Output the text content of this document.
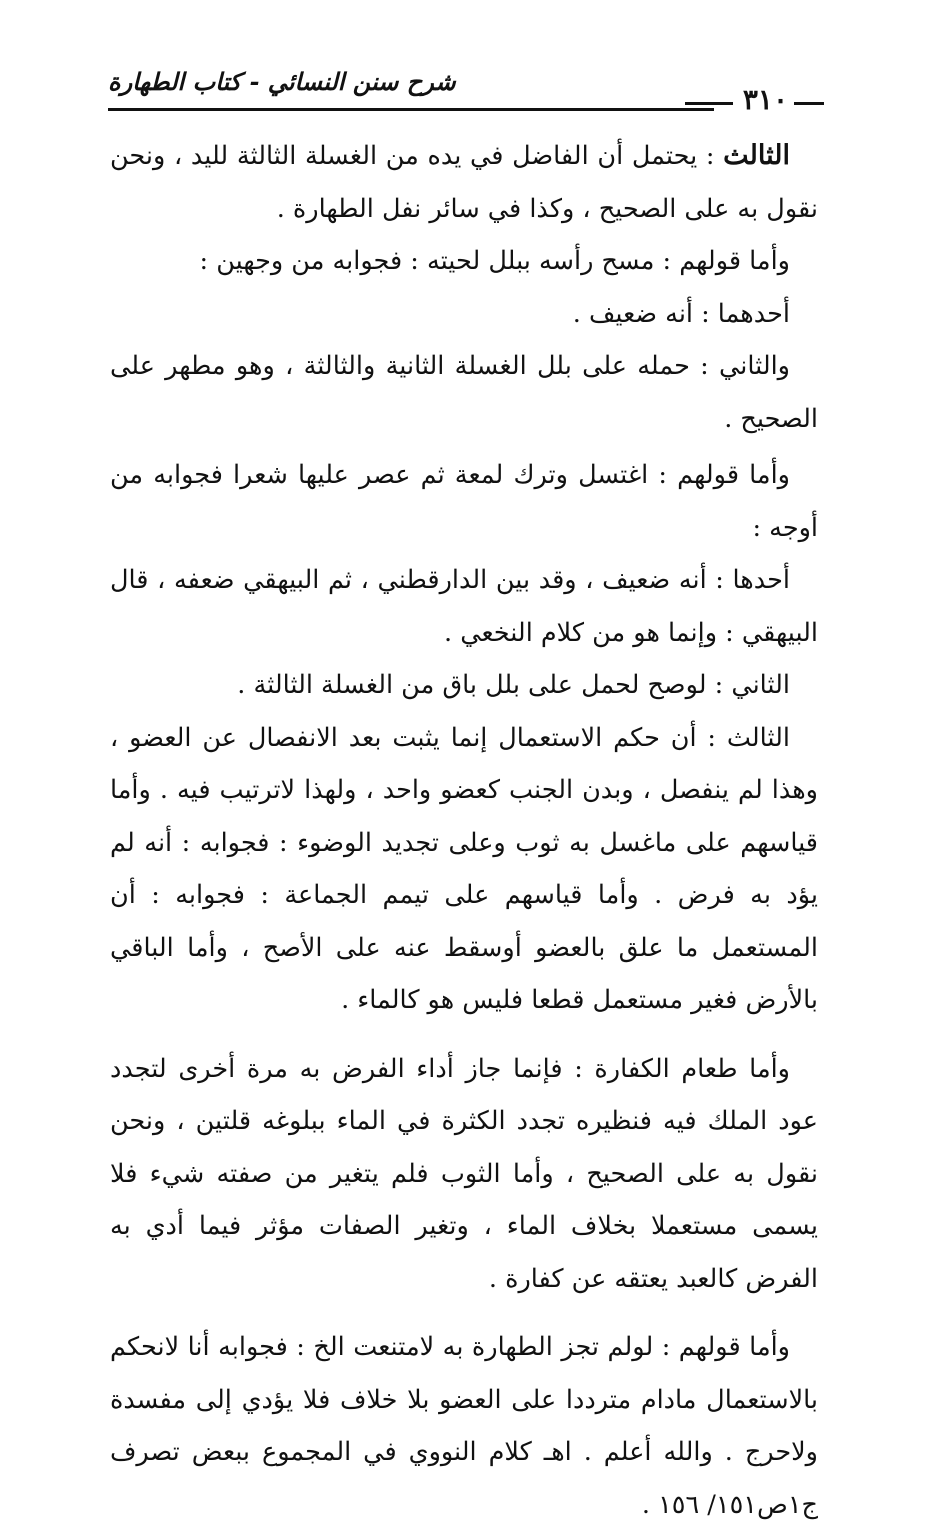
٣١٠
شرح سنن النسائي - كتاب الطهارة

الثالث : يحتمل أن الفاضل في يده من الغسلة الثالثة لليد ، ونحن نقول به على الصحيح ، وكذا في سائر نفل الطهارة .

وأما قولهم : مسح رأسه ببلل لحيته : فجوابه من وجهين :

أحدهما : أنه ضعيف .

والثاني : حمله على بلل الغسلة الثانية والثالثة ، وهو مطهر على الصحيح .

وأما قولهم : اغتسل وترك لمعة ثم عصر عليها شعرا فجوابه من أوجه :

أحدها : أنه ضعيف ، وقد بين الدارقطني ، ثم البيهقي ضعفه ، قال البيهقي : وإنما هو من كلام النخعي .

الثاني : لوصح لحمل على بلل باق من الغسلة الثالثة .

الثالث : أن حكم الاستعمال إنما يثبت بعد الانفصال عن العضو ، وهذا لم ينفصل ، وبدن الجنب كعضو واحد ، ولهذا لاترتيب فيه . وأما قياسهم على ماغسل به ثوب وعلى تجديد الوضوء : فجوابه : أنه لم يؤد به فرض . وأما قياسهم على تيمم الجماعة : فجوابه : أن المستعمل ما علق بالعضو أوسقط عنه على الأصح ، وأما الباقي بالأرض فغير مستعمل قطعا فليس هو كالماء .

وأما طعام الكفارة : فإنما جاز أداء الفرض به مرة أخرى لتجدد عود الملك فيه فنظيره تجدد الكثرة في الماء ببلوغه قلتين ، ونحن نقول به على الصحيح ، وأما الثوب فلم يتغير من صفته شيء فلا يسمى مستعملا بخلاف الماء ، وتغير الصفات مؤثر فيما أدي به الفرض كالعبد يعتقه عن كفارة .

وأما قولهم : لولم تجز الطهارة به لامتنعت الخ : فجوابه أنا لانحكم بالاستعمال مادام مترددا على العضو بلا خلاف فلا يؤدي إلى مفسدة ولاحرج . والله أعلم . اهـ كلام النووي في المجموع ببعض تصرف ج١ص١٥١/ ١٥٦ .
